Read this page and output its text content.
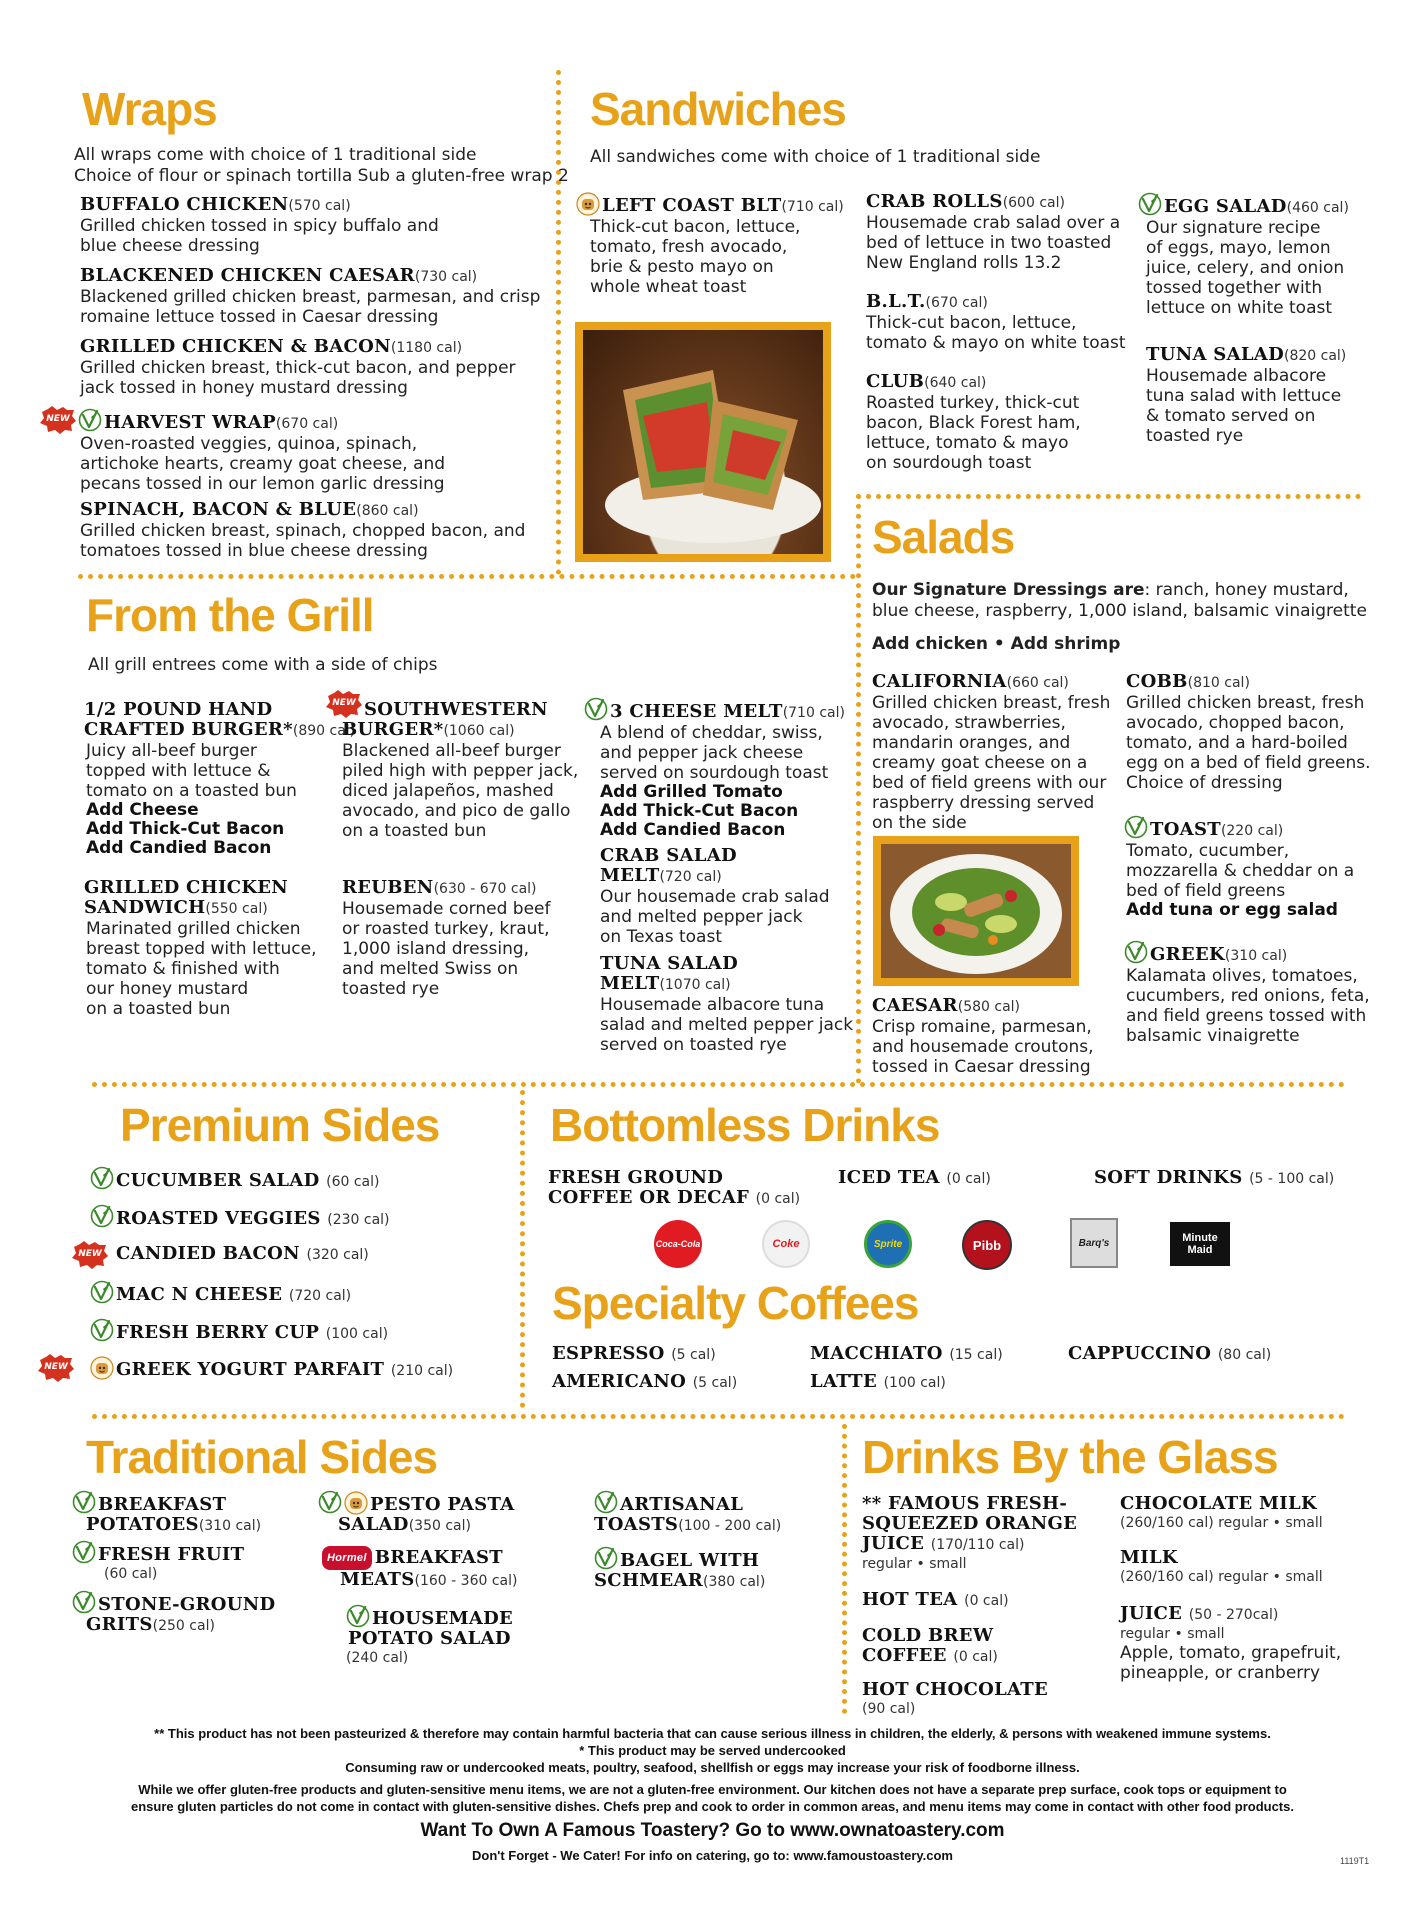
Wraps
All wraps come with choice of 1 traditional side
Choice of flour or spinach tortilla Sub a gluten-free wrap 2
BUFFALO CHICKEN(570 cal)
Grilled chicken tossed in spicy buffalo and
blue cheese dressing
BLACKENED CHICKEN CAESAR(730 cal)
Blackened grilled chicken breast, parmesan, and crisp
romaine lettuce tossed in Caesar dressing
GRILLED CHICKEN & BACON(1180 cal)
Grilled chicken breast, thick-cut bacon, and pepper
jack tossed in honey mustard dressing
NEW	HARVEST WRAP(670 cal)
Oven-roasted veggies, quinoa, spinach,
artichoke hearts, creamy goat cheese, and
pecans tossed in our lemon garlic dressing
SPINACH, BACON & BLUE(860 cal)
Grilled chicken breast, spinach, chopped bacon, and
tomatoes tossed in blue cheese dressing
Sandwiches
All sandwiches come with choice of 1 traditional side
LEFT COAST BLT(710 cal)
Thick-cut bacon, lettuce,
tomato, fresh avocado,
brie & pesto mayo on
whole wheat toast
CRAB ROLLS(600 cal)
Housemade crab salad over a
bed of lettuce in two toasted
New England rolls 13.2
B.L.T.(670 cal)
Thick-cut bacon, lettuce,
tomato & mayo on white toast
CLUB(640 cal)
Roasted turkey, thick-cut
bacon, Black Forest ham,
lettuce, tomato & mayo
on sourdough toast
EGG SALAD(460 cal)
Our signature recipe
of eggs, mayo, lemon
juice, celery, and onion
tossed together with
lettuce on white toast
TUNA SALAD(820 cal)
Housemade albacore
tuna salad with lettuce
& tomato served on
toasted rye
From the Grill
All grill entrees come with a side of chips
1/2 POUND HAND
CRAFTED BURGER*(890 cal)
Juicy all-beef burger
topped with lettuce &
tomato on a toasted bun
Add Cheese
Add Thick-Cut Bacon
Add Candied Bacon
NEW SOUTHWESTERN
BURGER*(1060 cal)
Blackened all-beef burger
piled high with pepper jack,
diced jalapeños, mashed
avocado, and pico de gallo
on a toasted bun
3 CHEESE MELT(710 cal)
A blend of cheddar, swiss,
and pepper jack cheese
served on sourdough toast
Add Grilled Tomato
Add Thick-Cut Bacon
Add Candied Bacon
GRILLED CHICKEN
SANDWICH(550 cal)
Marinated grilled chicken
breast topped with lettuce,
tomato & finished with
our honey mustard
on a toasted bun
REUBEN(630 - 670 cal)
Housemade corned beef
or roasted turkey, kraut,
1,000 island dressing,
and melted Swiss on
toasted rye
CRAB SALAD
MELT(720 cal)
Our housemade crab salad
and melted pepper jack
on Texas toast
TUNA SALAD
MELT(1070 cal)
Housemade albacore tuna
salad and melted pepper jack
served on toasted rye
Salads
Our Signature Dressings are: ranch, honey mustard,
blue cheese, raspberry, 1,000 island, balsamic vinaigrette
Add chicken • Add shrimp
CALIFORNIA(660 cal)
Grilled chicken breast, fresh
avocado, strawberries,
mandarin oranges, and
creamy goat cheese on a
bed of field greens with our
raspberry dressing served
on the side
COBB(810 cal)
Grilled chicken breast, fresh
avocado, chopped bacon,
tomato, and a hard-boiled
egg on a bed of field greens.
Choice of dressing
TOAST(220 cal)
Tomato, cucumber,
mozzarella & cheddar on a
bed of field greens
Add tuna or egg salad
GREEK(310 cal)
Kalamata olives, tomatoes,
cucumbers, red onions, feta,
and field greens tossed with
balsamic vinaigrette
CAESAR(580 cal)
Crisp romaine, parmesan,
and housemade croutons,
tossed in Caesar dressing
Premium Sides
CUCUMBER SALAD (60 cal)
ROASTED VEGGIES (230 cal)
NEW CANDIED BACON (320 cal)
MAC N CHEESE (720 cal)
FRESH BERRY CUP (100 cal)
NEW	GREEK YOGURT PARFAIT (210 cal)
Bottomless Drinks
FRESH GROUND
COFFEE OR DECAF (0 cal)
ICED TEA (0 cal)	SOFT DRINKS (5 - 100 cal)
Coca-Cola	Coke	Sprite	Pibb	Barq's	Minute Maid
Specialty Coffees
ESPRESSO (5 cal)
AMERICANO (5 cal)
MACCHIATO (15 cal)
LATTE (100 cal)
CAPPUCCINO (80 cal)
Traditional Sides
BREAKFAST
POTATOES(310 cal)
FRESH FRUIT
(60 cal)
STONE-GROUND
GRITS(250 cal)
PESTO PASTA
SALAD(350 cal)
Hormel BREAKFAST
MEATS(160 - 360 cal)
HOUSEMADE
POTATO SALAD
(240 cal)
ARTISANAL
TOASTS(100 - 200 cal)
BAGEL WITH
SCHMEAR(380 cal)
Drinks By the Glass
** FAMOUS FRESH-
SQUEEZED ORANGE
JUICE (170/110 cal)
regular • small
HOT TEA (0 cal)
COLD BREW
COFFEE (0 cal)
HOT CHOCOLATE
(90 cal)
CHOCOLATE MILK
(260/160 cal) regular • small
MILK
(260/160 cal) regular • small
JUICE (50 - 270cal)
regular • small
Apple, tomato, grapefruit,
pineapple, or cranberry
** This product has not been pasteurized & therefore may contain harmful bacteria that can cause serious illness in children, the elderly, & persons with weakened immune systems.
* This product may be served undercooked
Consuming raw or undercooked meats, poultry, seafood, shellfish or eggs may increase your risk of foodborne illness.
While we offer gluten-free products and gluten-sensitive menu items, we are not a gluten-free environment. Our kitchen does not have a separate prep surface, cook tops or equipment to
ensure gluten particles do not come in contact with gluten-sensitive dishes. Chefs prep and cook to order in common areas, and menu items may come in contact with other food products.
Want To Own A Famous Toastery? Go to www.ownatoastery.com
Don't Forget - We Cater! For info on catering, go to: www.famoustoastery.com	1119T1
